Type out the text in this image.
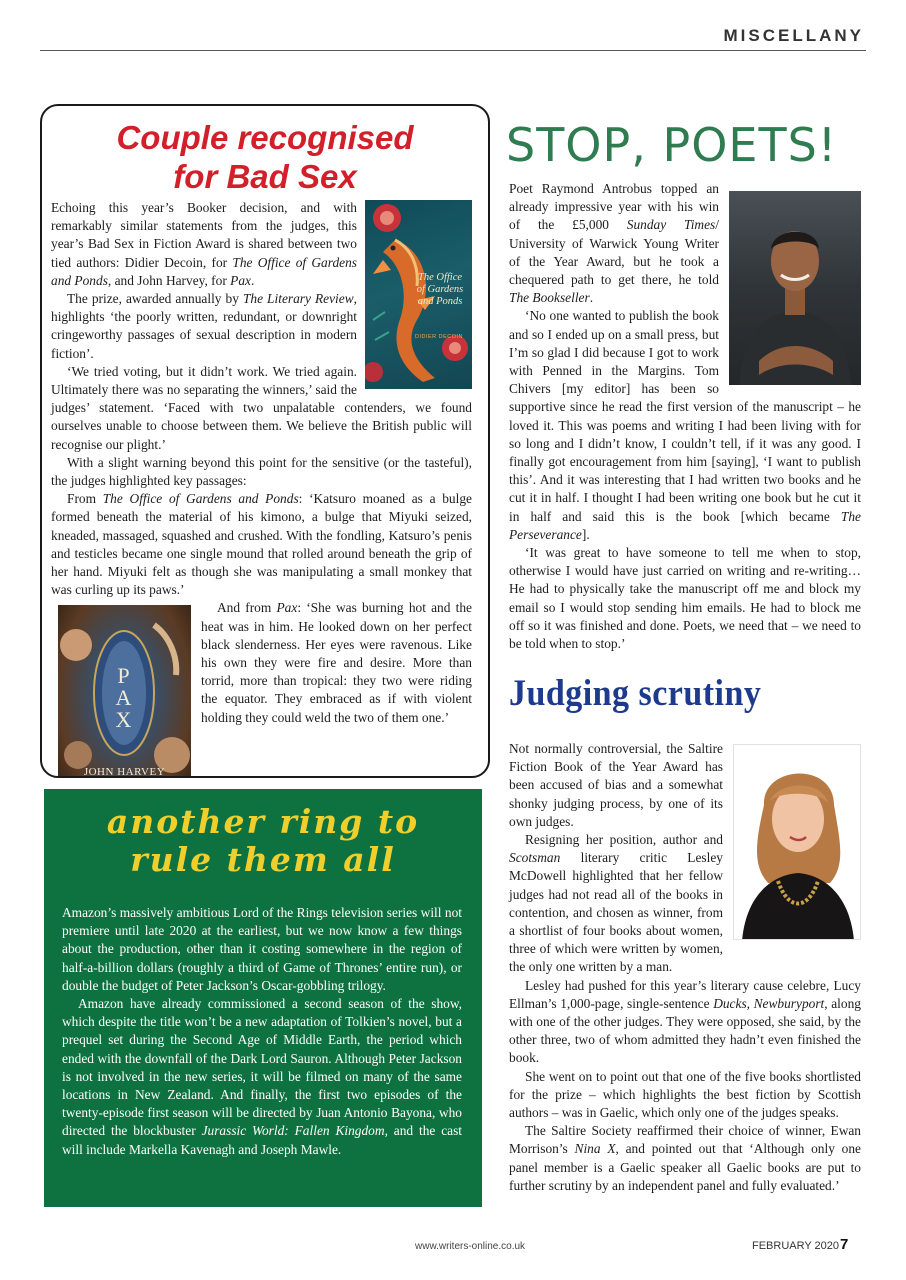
MISCELLANY
Couple recognised
for Bad Sex
The Office of Gardens and Ponds
DIDIER DECOIN

Echoing this year’s Booker decision, and with remarkably similar statements from the judges, this year’s Bad Sex in Fiction Award is shared between two tied authors: Didier Decoin, for The Office of Gardens and Ponds, and John Harvey, for Pax.

The prize, awarded annually by The Literary Review, highlights ‘the poorly written, redundant, or downright cringeworthy passages of sexual description in modern fiction’.

‘We tried voting, but it didn’t work. We tried again. Ultimately there was no separating the winners,’ said the judges’ statement. ‘Faced with two unpalatable contenders, we found ourselves unable to choose between them. We believe the British public will recognise our plight.’

With a slight warning beyond this point for the sensitive (or the tasteful), the judges highlighted key passages:

From The Office of Gardens and Ponds: ‘Katsuro moaned as a bulge formed beneath the material of his kimono, a bulge that Miyuki seized, kneaded, massaged, squashed and crushed. With the fondling, Katsuro’s penis and testicles became one single mound that rolled around beneath the grip of her hand. Miyuki felt as though she was manipulating a small monkey that was curling up its paws.’

PAX
JOHN HARVEY

And from Pax: ‘She was burning hot and the heat was in him. He looked down on her perfect black slenderness. Her eyes were ravenous. Like his own they were fire and desire. More than torrid, more than tropical: they two were riding the equator. They embraced as if with violent holding they could weld the two of them one.’

STOP, POETS!

Poet Raymond Antrobus topped an already impressive year with his win of the £5,000 Sunday Times/ University of Warwick Young Writer of the Year Award, but he took a chequered path to get there, he told The Bookseller.

‘No one wanted to publish the book and so I ended up on a small press, but I’m so glad I did because I got to work with Penned in the Margins. Tom Chivers [my editor] has been so supportive since he read the first version of the manuscript – he loved it. This was poems and writing I had been living with for so long and I didn’t know, I couldn’t tell, if it was any good. I finally got encouragement from him [saying], ‘I want to publish this’. And it was interesting that I had written two books and he cut it in half. I thought I had been writing one book but he cut it in half and said this is the book [which became The Perseverance].

‘It was great to have someone to tell me when to stop, otherwise I would have just carried on writing and re-writing… He had to physically take the manuscript off me and block my email so I would stop sending him emails. He had to block me off so it was finished and done. Poets, we need that – we need to be told when to stop.’

Judging scrutiny

Not normally controversial, the Saltire Fiction Book of the Year Award has been accused of bias and a somewhat shonky judging process, by one of its own judges.

Resigning her position, author and Scotsman literary critic Lesley McDowell highlighted that her fellow judges had not read all of the books in contention, and chosen as winner, from a shortlist of four books about women, three of which were written by women, the only one written by a man.

Lesley had pushed for this year’s literary cause celebre, Lucy Ellman’s 1,000-page, single-sentence Ducks, Newburyport, along with one of the other judges. They were opposed, she said, by the other three, two of whom admitted they hadn’t even finished the book.

She went on to point out that one of the five books shortlisted for the prize – which highlights the best fiction by Scottish authors – was in Gaelic, which only one of the judges speaks.

The Saltire Society reaffirmed their choice of winner, Ewan Morrison’s Nina X, and pointed out that ‘Although only one panel member is a Gaelic speaker all Gaelic books are put to further scrutiny by an independent panel and fully evaluated.’

another ring to
rule them all

Amazon’s massively ambitious Lord of the Rings television series will not premiere until late 2020 at the earliest, but we now know a few things about the production, other than it costing somewhere in the region of half-a-billion dollars (roughly a third of Game of Thrones’ entire run), or double the budget of Peter Jackson’s Oscar-gobbling trilogy.

Amazon have already commissioned a second season of the show, which despite the title won’t be a new adaptation of Tolkien’s novel, but a prequel set during the Second Age of Middle Earth, the period which ended with the downfall of the Dark Lord Sauron. Although Peter Jackson is not involved in the new series, it will be filmed on many of the same locations in New Zealand. And finally, the first two episodes of the twenty-episode first season will be directed by Juan Antonio Bayona, who directed the blockbuster Jurassic World: Fallen Kingdom, and the cast will include Markella Kavenagh and Joseph Mawle.

www.writers-online.co.uk	FEBRUARY 2020 7
